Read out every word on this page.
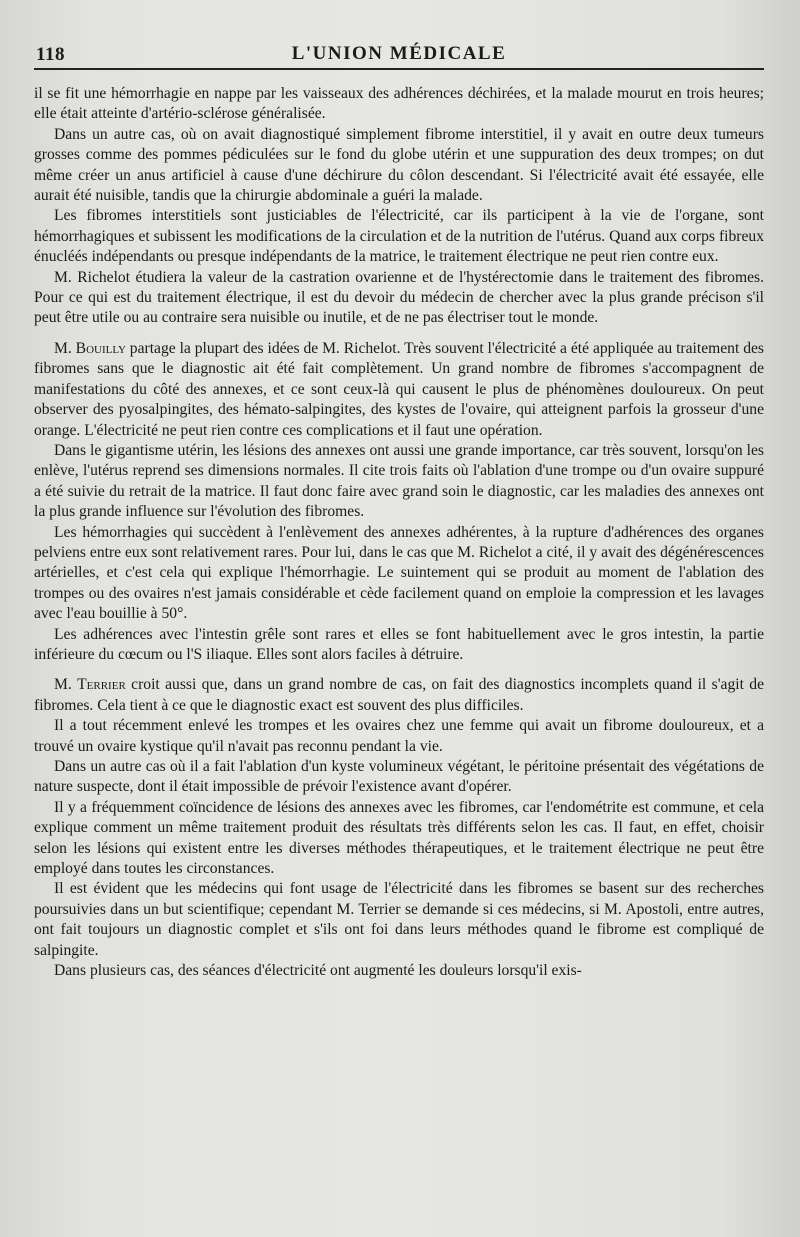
118	L'UNION MÉDICALE

il se fit une hémorrhagie en nappe par les vaisseaux des adhérences déchirées, et la malade mourut en trois heures; elle était atteinte d'artério-sclérose généralisée.

Dans un autre cas, où on avait diagnostiqué simplement fibrome interstitiel, il y avait en outre deux tumeurs grosses comme des pommes pédiculées sur le fond du globe utérin et une suppuration des deux trompes; on dut même créer un anus artificiel à cause d'une déchirure du côlon descendant. Si l'électricité avait été essayée, elle aurait été nuisible, tandis que la chirurgie abdominale a guéri la malade.

Les fibromes interstitiels sont justiciables de l'électricité, car ils participent à la vie de l'organe, sont hémorrhagiques et subissent les modifications de la circulation et de la nutrition de l'utérus. Quand aux corps fibreux énucléés indépendants ou presque indépendants de la matrice, le traitement électrique ne peut rien contre eux.

M. Richelot étudiera la valeur de la castration ovarienne et de l'hystérectomie dans le traitement des fibromes. Pour ce qui est du traitement électrique, il est du devoir du médecin de chercher avec la plus grande précison s'il peut être utile ou au contraire sera nuisible ou inutile, et de ne pas électriser tout le monde.

M. Bouilly partage la plupart des idées de M. Richelot. Très souvent l'électricité a été appliquée au traitement des fibromes sans que le diagnostic ait été fait complètement. Un grand nombre de fibromes s'accompagnent de manifestations du côté des annexes, et ce sont ceux-là qui causent le plus de phénomènes douloureux. On peut observer des pyosalpingites, des hémato-salpingites, des kystes de l'ovaire, qui atteignent parfois la grosseur d'une orange. L'électricité ne peut rien contre ces complications et il faut une opération.

Dans le gigantisme utérin, les lésions des annexes ont aussi une grande importance, car très souvent, lorsqu'on les enlève, l'utérus reprend ses dimensions normales. Il cite trois faits où l'ablation d'une trompe ou d'un ovaire suppuré a été suivie du retrait de la matrice. Il faut donc faire avec grand soin le diagnostic, car les maladies des annexes ont la plus grande influence sur l'évolution des fibromes.

Les hémorrhagies qui succèdent à l'enlèvement des annexes adhérentes, à la rupture d'adhérences des organes pelviens entre eux sont relativement rares. Pour lui, dans le cas que M. Richelot a cité, il y avait des dégénérescences artérielles, et c'est cela qui explique l'hémorrhagie. Le suintement qui se produit au moment de l'ablation des trompes ou des ovaires n'est jamais considérable et cède facilement quand on emploie la compression et les lavages avec l'eau bouillie à 50°.

Les adhérences avec l'intestin grêle sont rares et elles se font habituellement avec le gros intestin, la partie inférieure du cœcum ou l'S iliaque. Elles sont alors faciles à détruire.

M. Terrier croit aussi que, dans un grand nombre de cas, on fait des diagnostics incomplets quand il s'agit de fibromes. Cela tient à ce que le diagnostic exact est souvent des plus difficiles.

Il a tout récemment enlevé les trompes et les ovaires chez une femme qui avait un fibrome douloureux, et a trouvé un ovaire kystique qu'il n'avait pas reconnu pendant la vie.

Dans un autre cas où il a fait l'ablation d'un kyste volumineux végétant, le péritoine présentait des végétations de nature suspecte, dont il était impossible de prévoir l'existence avant d'opérer.

Il y a fréquemment coïncidence de lésions des annexes avec les fibromes, car l'endométrite est commune, et cela explique comment un même traitement produit des résultats très différents selon les cas. Il faut, en effet, choisir selon les lésions qui existent entre les diverses méthodes thérapeutiques, et le traitement électrique ne peut être employé dans toutes les circonstances.

Il est évident que les médecins qui font usage de l'électricité dans les fibromes se basent sur des recherches poursuivies dans un but scientifique; cependant M. Terrier se demande si ces médecins, si M. Apostoli, entre autres, ont fait toujours un diagnostic complet et s'ils ont foi dans leurs méthodes quand le fibrome est compliqué de salpingite.

Dans plusieurs cas, des séances d'électricité ont augmenté les douleurs lorsqu'il exis-
